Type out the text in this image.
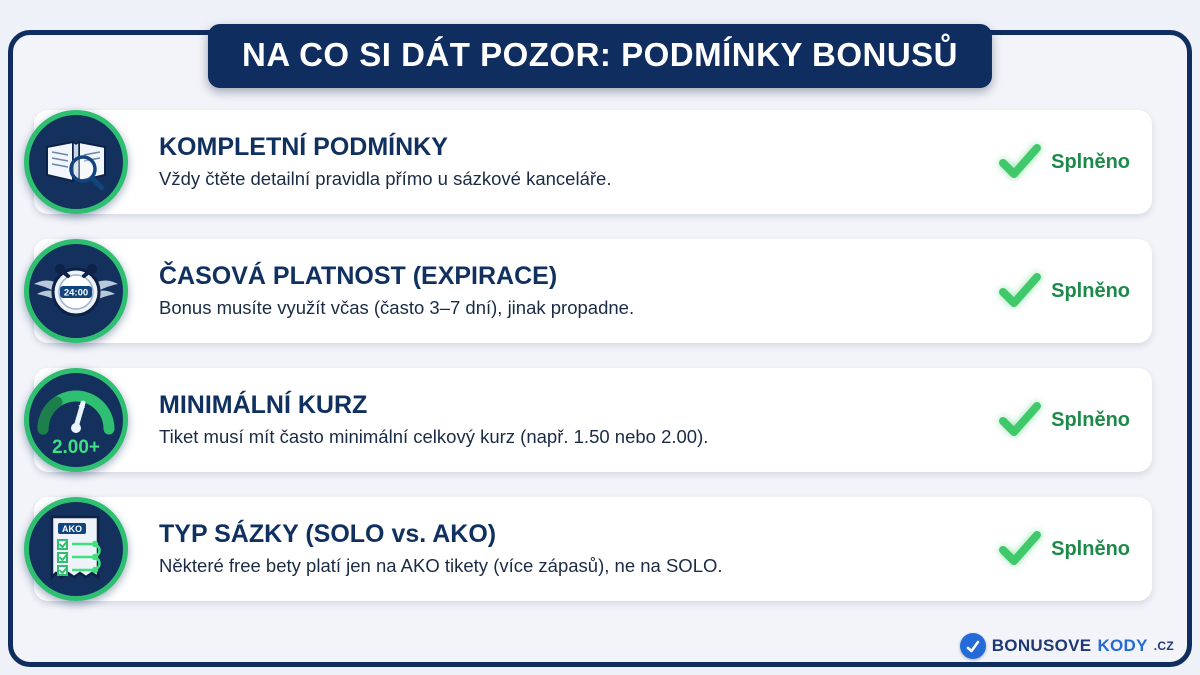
NA CO SI DÁT POZOR: PODMÍNKY BONUSŮ
KOMPLETNÍ PODMÍNKY
Vždy čtěte detailní pravidla přímo u sázkové kanceláře.
Splněno
24:00
ČASOVÁ PLATNOST (EXPIRACE)
Bonus musíte využít včas (často 3–7 dní), jinak propadne.
Splněno
2.00+
MINIMÁLNÍ KURZ
Tiket musí mít často minimální celkový kurz (např. 1.50 nebo 2.00).
Splněno
AKO	TYP SÁZKY (SOLO vs. AKO)
Některé free bety platí jen na AKO tikety (více zápasů), ne na SOLO.
Splněno
BONUSOVE KODY .CZ
